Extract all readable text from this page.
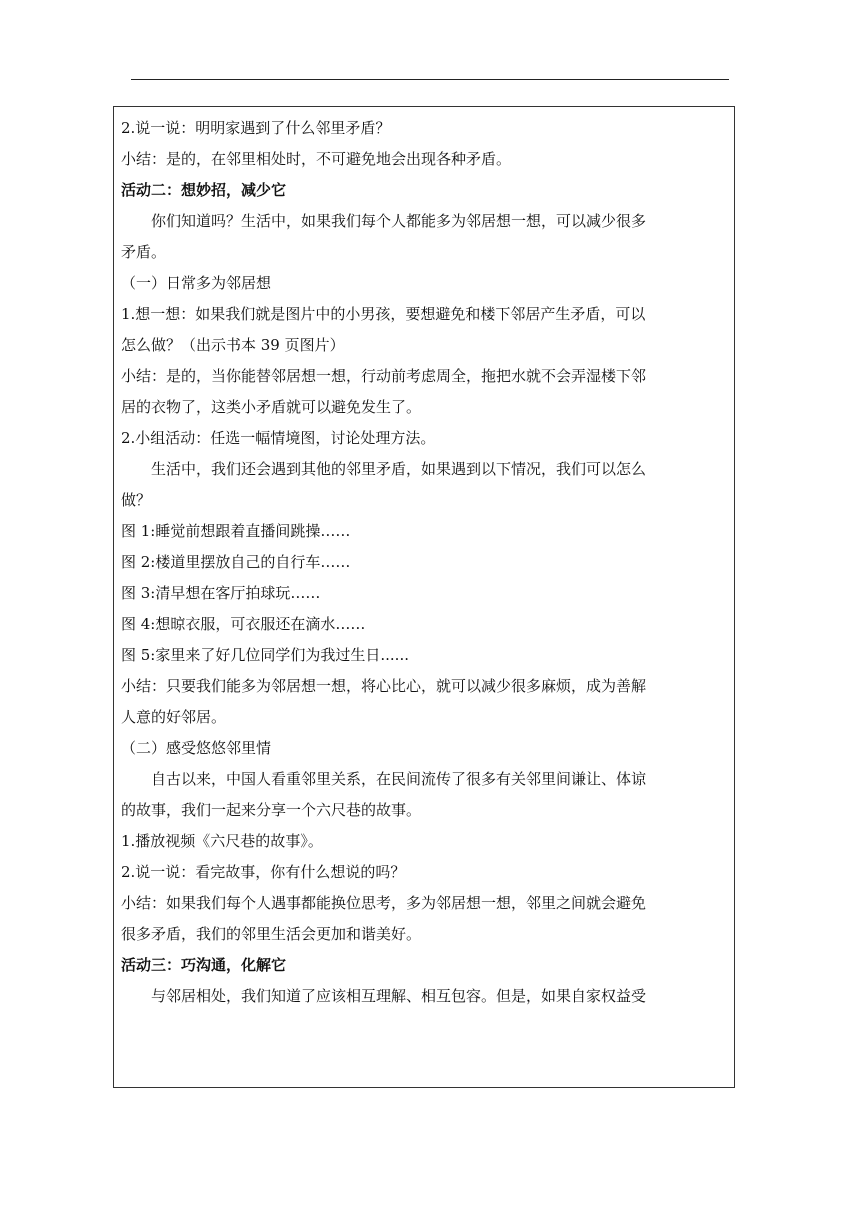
2.说一说：明明家遇到了什么邻里矛盾？
小结：是的，在邻里相处时，不可避免地会出现各种矛盾。
活动二：想妙招，减少它
你们知道吗？生活中，如果我们每个人都能多为邻居想一想，可以减少很多
矛盾。
（一）日常多为邻居想
1.想一想：如果我们就是图片中的小男孩，要想避免和楼下邻居产生矛盾，可以
怎么做？（出示书本 39 页图片）
小结：是的，当你能替邻居想一想，行动前考虑周全，拖把水就不会弄湿楼下邻
居的衣物了，这类小矛盾就可以避免发生了。
2.小组活动：任选一幅情境图，讨论处理方法。
生活中，我们还会遇到其他的邻里矛盾，如果遇到以下情况，我们可以怎么
做？
图 1:睡觉前想跟着直播间跳操……
图 2:楼道里摆放自己的自行车……
图 3:清早想在客厅拍球玩……
图 4:想晾衣服，可衣服还在滴水……
图 5:家里来了好几位同学们为我过生日......
小结：只要我们能多为邻居想一想，将心比心，就可以减少很多麻烦，成为善解
人意的好邻居。
（二）感受悠悠邻里情
自古以来，中国人看重邻里关系，在民间流传了很多有关邻里间谦让、体谅
的故事，我们一起来分享一个六尺巷的故事。
1.播放视频《六尺巷的故事》。
2.说一说：看完故事，你有什么想说的吗？
小结：如果我们每个人遇事都能换位思考，多为邻居想一想，邻里之间就会避免
很多矛盾，我们的邻里生活会更加和谐美好。
活动三：巧沟通，化解它
与邻居相处，我们知道了应该相互理解、相互包容。但是，如果自家权益受
